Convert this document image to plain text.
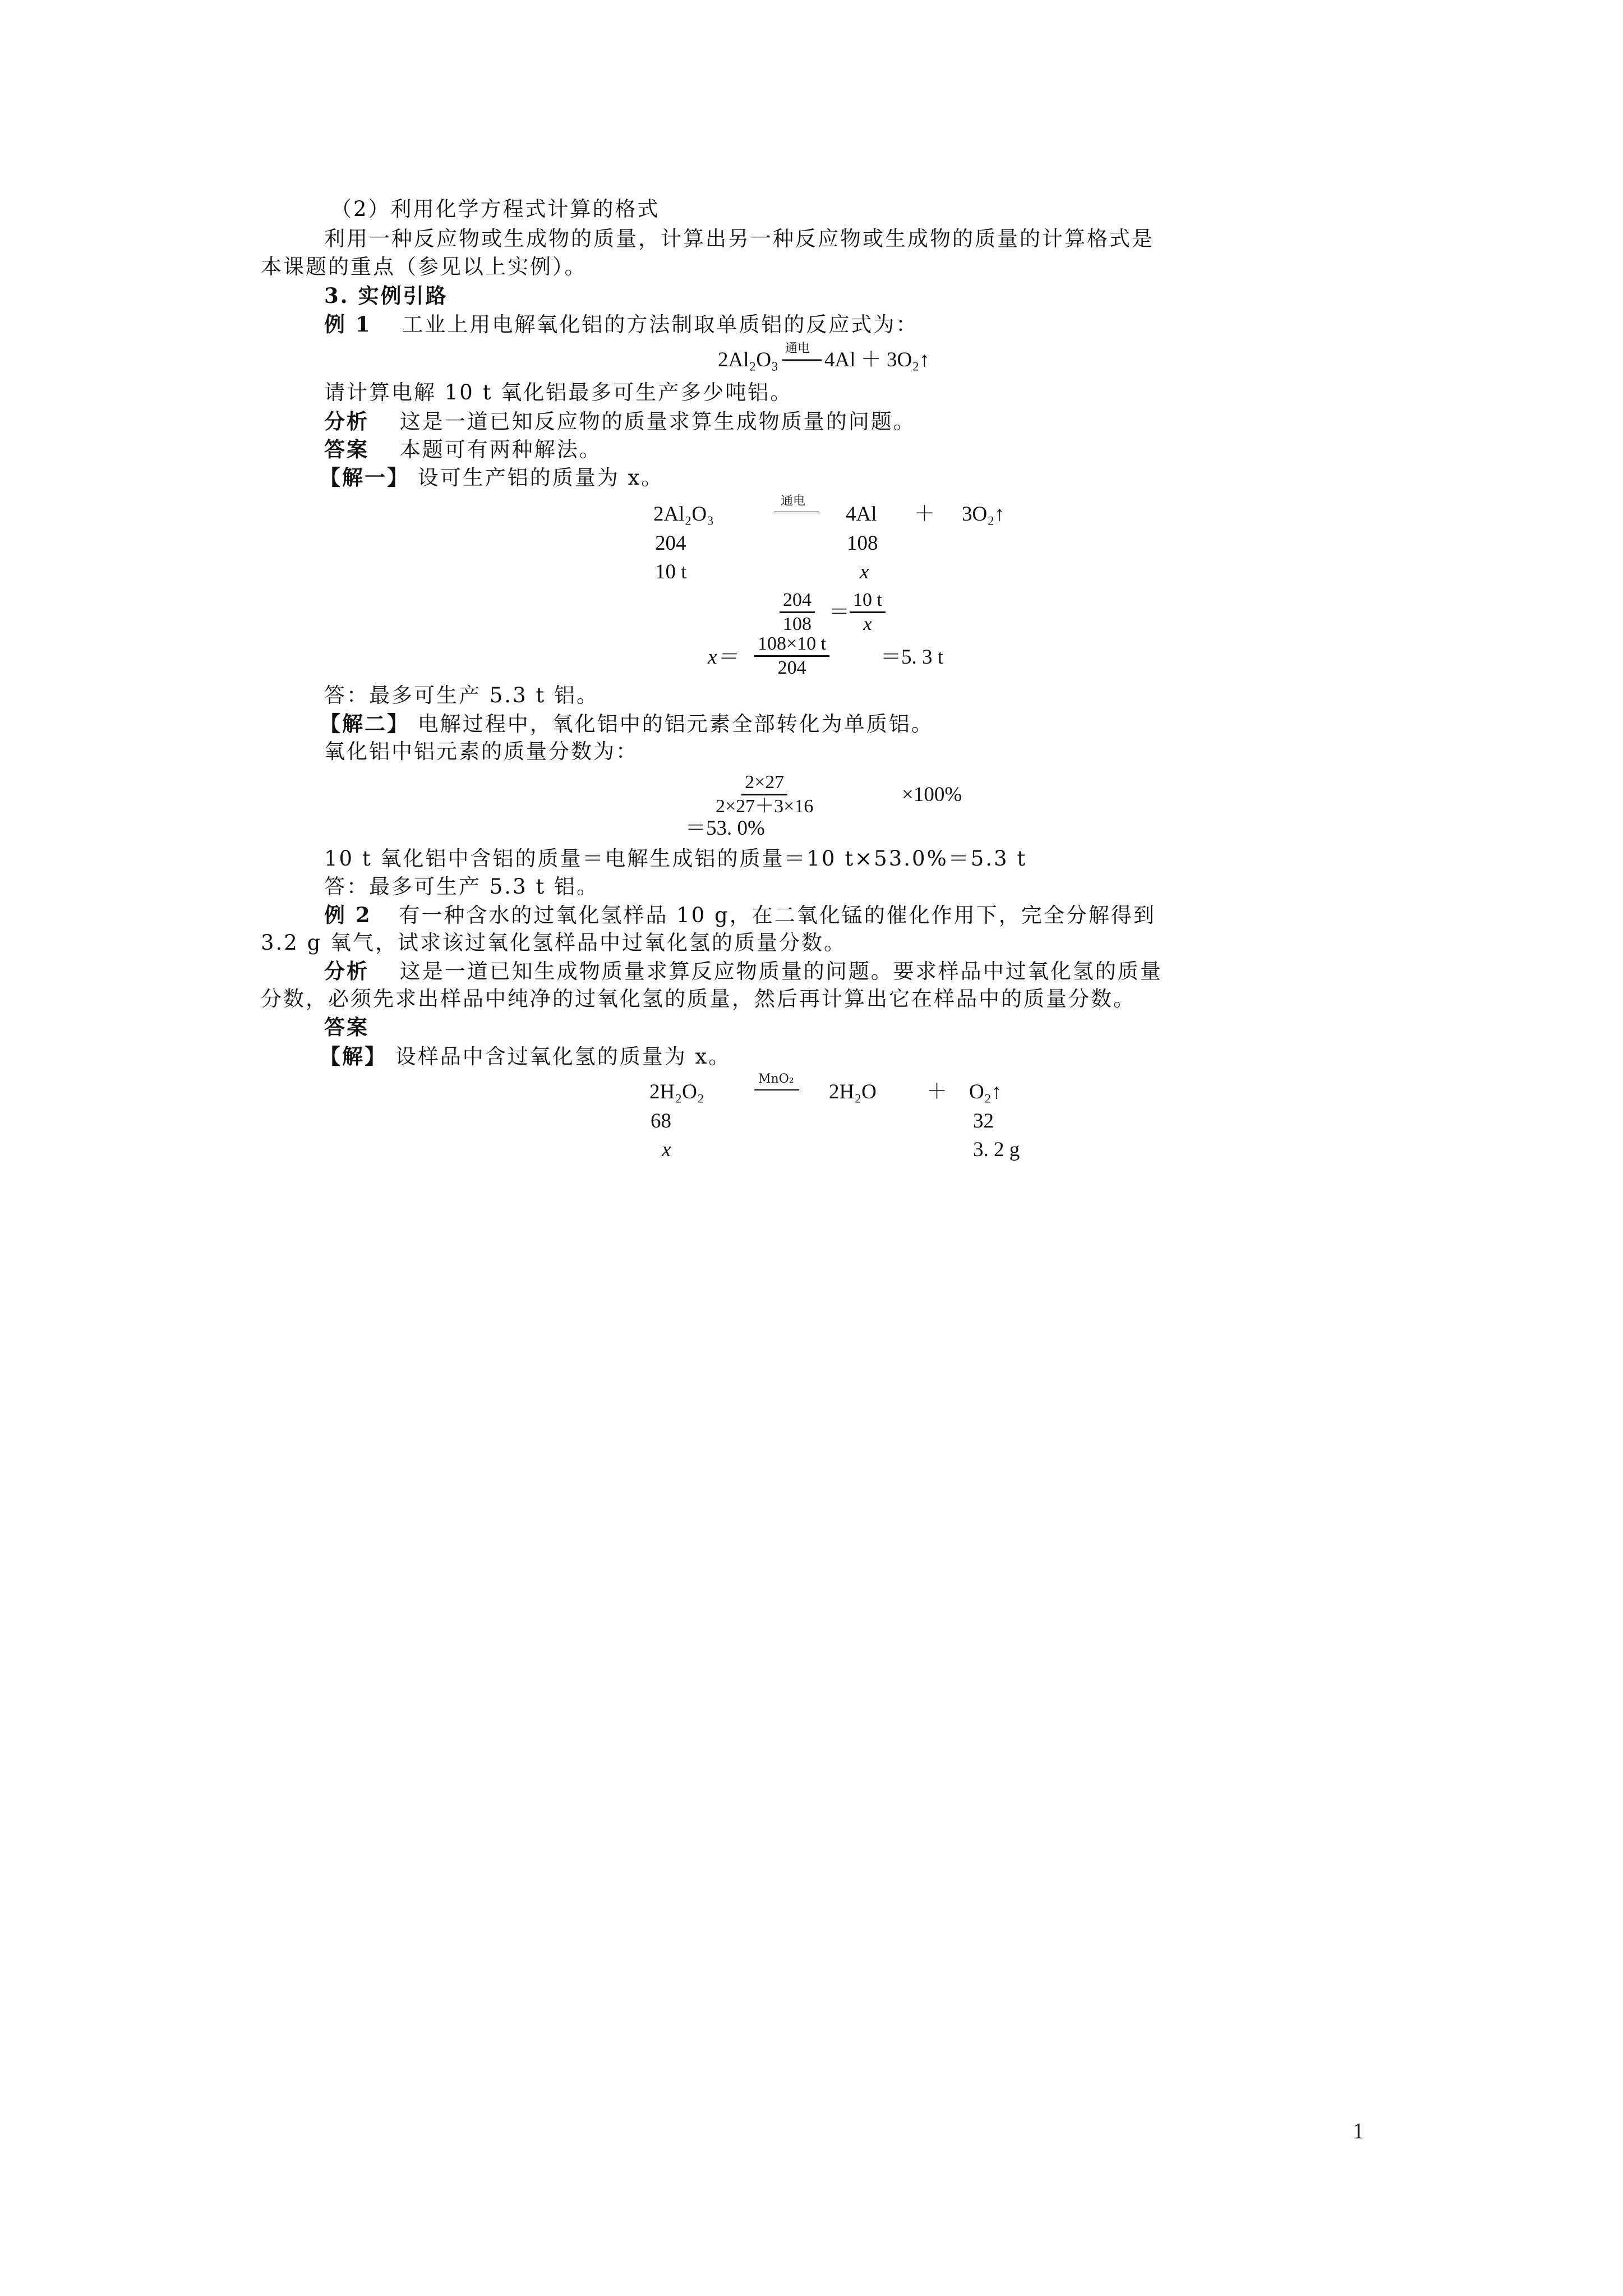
（2）利用化学方程式计算的格式
利用一种反应物或生成物的质量，计算出另一种反应物或生成物的质量的计算格式是
本课题的重点（参见以上实例）。
3. 实例引路
例 1 工业上用电解氧化铝的方法制取单质铝的反应式为：
2Al₂O₃ 通电 4Al ＋ 3O₂↑
请计算电解 10 t 氧化铝最多可生产多少吨铝。
分析 这是一道已知反应物的质量求算生成物质量的问题。
答案 本题可有两种解法。
【解一】 设可生产铝的质量为 x。
2Al₂O₃
通电
4Al ＋ 3O₂↑
204	108
10 t	x
$\frac{204}{108} = \frac{10 t}{x}$
$x= \frac{108\times 10 t}{204} =5$. 3 t
答：最多可生产 5.3 t 铝。
【解二】 电解过程中，氧化铝中的铝元素全部转化为单质铝。
氧化铝中铝元素的质量分数为：
$\frac{2\times 27}{2\times 27+3\times 16}$	×100%
＝53. 0%
10 t 氧化铝中含铝的质量＝电解生成铝的质量＝10 t×53.0%＝5.3 t
答：最多可生产 5.3 t 铝。
例 2 有一种含水的过氧化氢样品 10 g，在二氧化锰的催化作用下，完全分解得到
3.2 g 氧气，试求该过氧化氢样品中过氧化氢的质量分数。
分析 这是一道已知生成物质量求算反应物质量的问题。要求样品中过氧化氢的质量
分数，必须先求出样品中纯净的过氧化氢的质量，然后再计算出它在样品中的质量分数。
答案
【解】 设样品中含过氧化氢的质量为 x。
2H₂O₂
MnO₂
2H₂O ＋ O₂↑
68	32
x	3. 2 g
1
